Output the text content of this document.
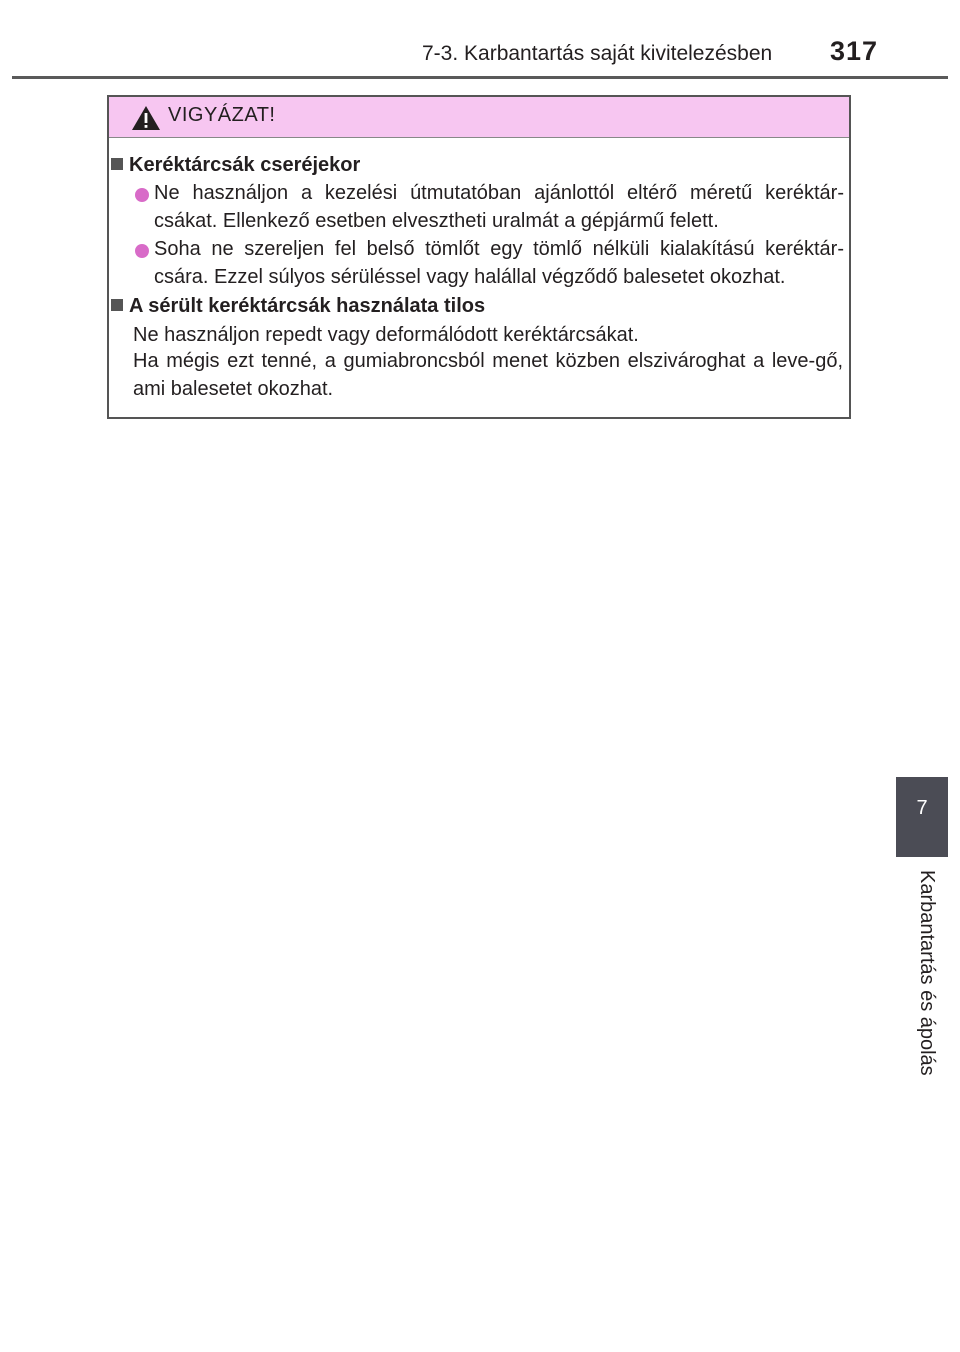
7-3. Karbantartás saját kivitelezésben 317
VIGYÁZAT!
Keréktárcsák cseréjekor
Ne használjon a kezelési útmutatóban ajánlottól eltérő méretű keréktár-csákat. Ellenkező esetben elvesztheti uralmát a gépjármű felett.
Soha ne szereljen fel belső tömlőt egy tömlő nélküli kialakítású keréktár-csára. Ezzel súlyos sérüléssel vagy halállal végződő balesetet okozhat.
A sérült keréktárcsák használata tilos
Ne használjon repedt vagy deformálódott keréktárcsákat.
Ha mégis ezt tenné, a gumiabroncsból menet közben elszivároghat a leve-gő, ami balesetet okozhat.
7
Karbantartás és ápolás
